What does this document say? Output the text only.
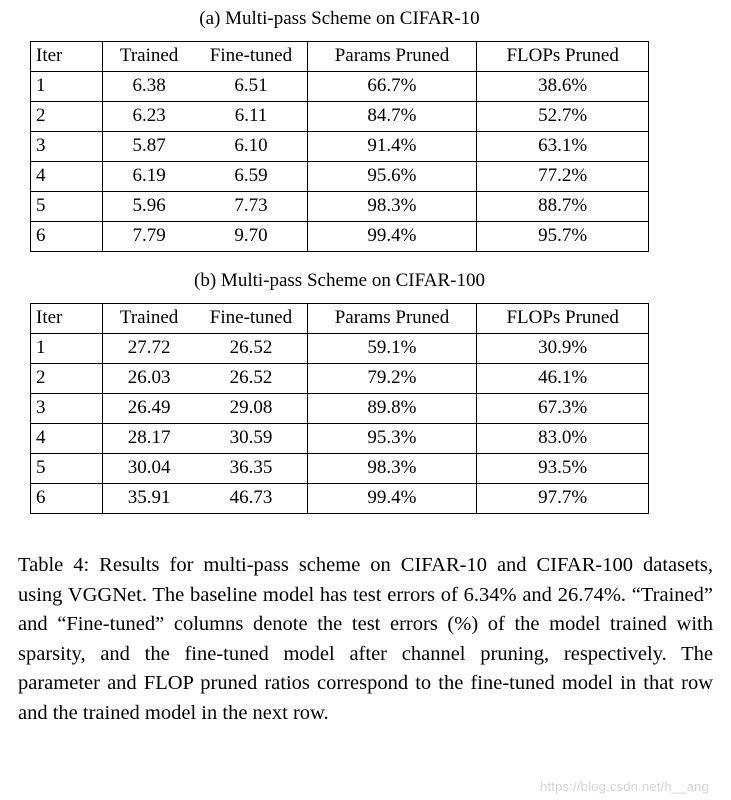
(a) Multi-pass Scheme on CIFAR-10
Iter	Trained	Fine-tuned	Params Pruned	FLOPs Pruned
1	6.38	6.51	66.7%	38.6%
2	6.23	6.11	84.7%	52.7%
3	5.87	6.10	91.4%	63.1%
4	6.19	6.59	95.6%	77.2%
5	5.96	7.73	98.3%	88.7%
6	7.79	9.70	99.4%	95.7%
(b) Multi-pass Scheme on CIFAR-100
Iter	Trained	Fine-tuned	Params Pruned	FLOPs Pruned
1	27.72	26.52	59.1%	30.9%
2	26.03	26.52	79.2%	46.1%
3	26.49	29.08	89.8%	67.3%
4	28.17	30.59	95.3%	83.0%
5	30.04	36.35	98.3%	93.5%
6	35.91	46.73	99.4%	97.7%
Table 4: Results for multi-pass scheme on CIFAR-10 and CIFAR-100 datasets, using VGGNet. The baseline model has test errors of 6.34% and 26.74%. “Trained” and “Fine-tuned” columns denote the test errors (%) of the model trained with sparsity, and the fine-tuned model after channel pruning, respectively. The parameter and FLOP pruned ratios correspond to the fine-tuned model in that row and the trained model in the next row.
https://blog.csdn.net/h__ang
